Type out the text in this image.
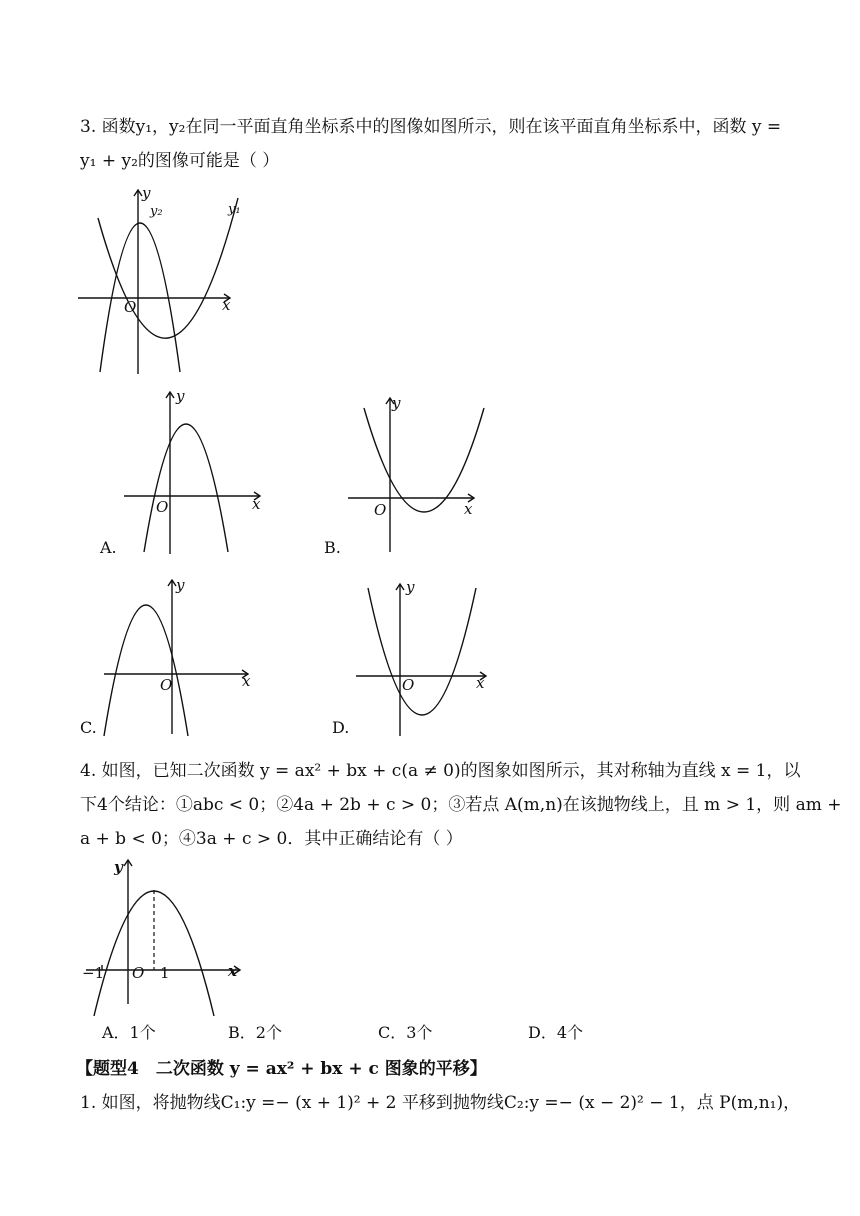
3. 函数y₁，y₂在同一平面直角坐标系中的图像如图所示，则在该平面直角坐标系中，函数 y =
y₁ + y₂的图像可能是（ ）
y
x
O
y₁
y₂
y
x
O
A.
y
x
O
B.
y
x
O
C.
y
x
O
D.
4. 如图，已知二次函数 y = ax² + bx + c(a ≠ 0)的图象如图所示，其对称轴为直线 x = 1，以
下4个结论：①abc < 0；②4a + 2b + c > 0；③若点 A(m,n)在该抛物线上，且 m > 1，则 am +
a + b < 0；④3a + c > 0．其中正确结论有（ ）
y
x
O
−1	1
A．1个	B．2个	C．3个	D．4个
【题型4　二次函数 y = ax² + bx + c 图象的平移】
1. 如图，将抛物线C₁:y =− (x + 1)² + 2 平移到抛物线C₂:y =− (x − 2)² − 1，点 P(m,n₁)，
